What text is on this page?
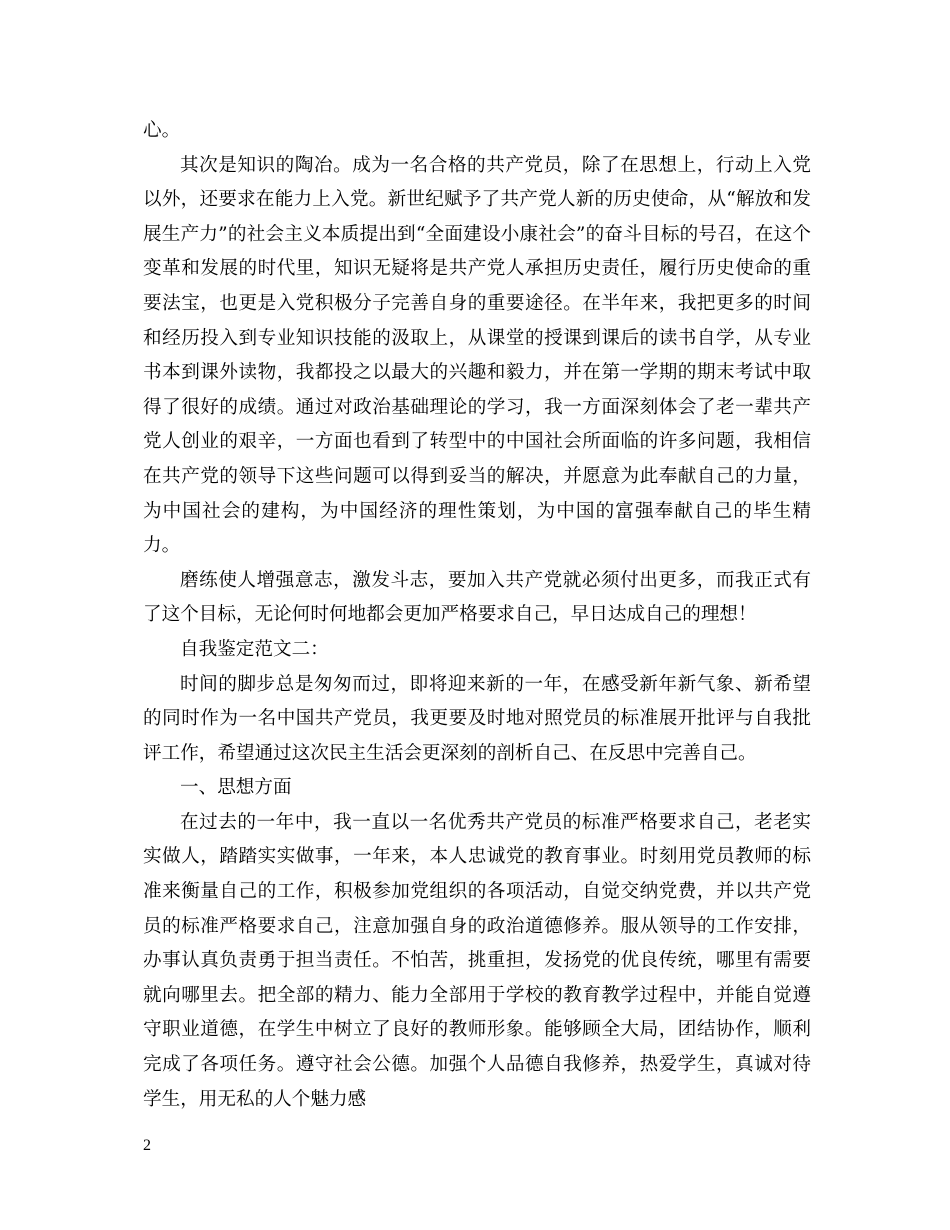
心。

其次是知识的陶冶。成为一名合格的共产党员，除了在思想上，行动上入党以外，还要求在能力上入党。新世纪赋予了共产党人新的历史使命，从“解放和发展生产力”的社会主义本质提出到“全面建设小康社会”的奋斗目标的号召，在这个变革和发展的时代里，知识无疑将是共产党人承担历史责任，履行历史使命的重要法宝，也更是入党积极分子完善自身的重要途径。在半年来，我把更多的时间和经历投入到专业知识技能的汲取上，从课堂的授课到课后的读书自学，从专业书本到课外读物，我都投之以最大的兴趣和毅力，并在第一学期的期末考试中取得了很好的成绩。通过对政治基础理论的学习，我一方面深刻体会了老一辈共产党人创业的艰辛，一方面也看到了转型中的中国社会所面临的许多问题，我相信在共产党的领导下这些问题可以得到妥当的解决，并愿意为此奉献自己的力量，为中国社会的建构，为中国经济的理性策划，为中国的富强奉献自己的毕生精力。

磨练使人增强意志，激发斗志，要加入共产党就必须付出更多，而我正式有了这个目标，无论何时何地都会更加严格要求自己，早日达成自己的理想！

自我鉴定范文二：

时间的脚步总是匆匆而过，即将迎来新的一年，在感受新年新气象、新希望的同时作为一名中国共产党员，我更要及时地对照党员的标准展开批评与自我批评工作，希望通过这次民主生活会更深刻的剖析自己、在反思中完善自己。

一、思想方面

在过去的一年中，我一直以一名优秀共产党员的标准严格要求自己，老老实实做人，踏踏实实做事，一年来，本人忠诚党的教育事业。时刻用党员教师的标准来衡量自己的工作，积极参加党组织的各项活动，自觉交纳党费，并以共产党员的标准严格要求自己，注意加强自身的政治道德修养。服从领导的工作安排，办事认真负责勇于担当责任。不怕苦，挑重担，发扬党的优良传统，哪里有需要就向哪里去。把全部的精力、能力全部用于学校的教育教学过程中，并能自觉遵守职业道德，在学生中树立了良好的教师形象。能够顾全大局，团结协作，顺利完成了各项任务。遵守社会公德。加强个人品德自我修养，热爱学生，真诚对待学生，用无私的人个魅力感

2
